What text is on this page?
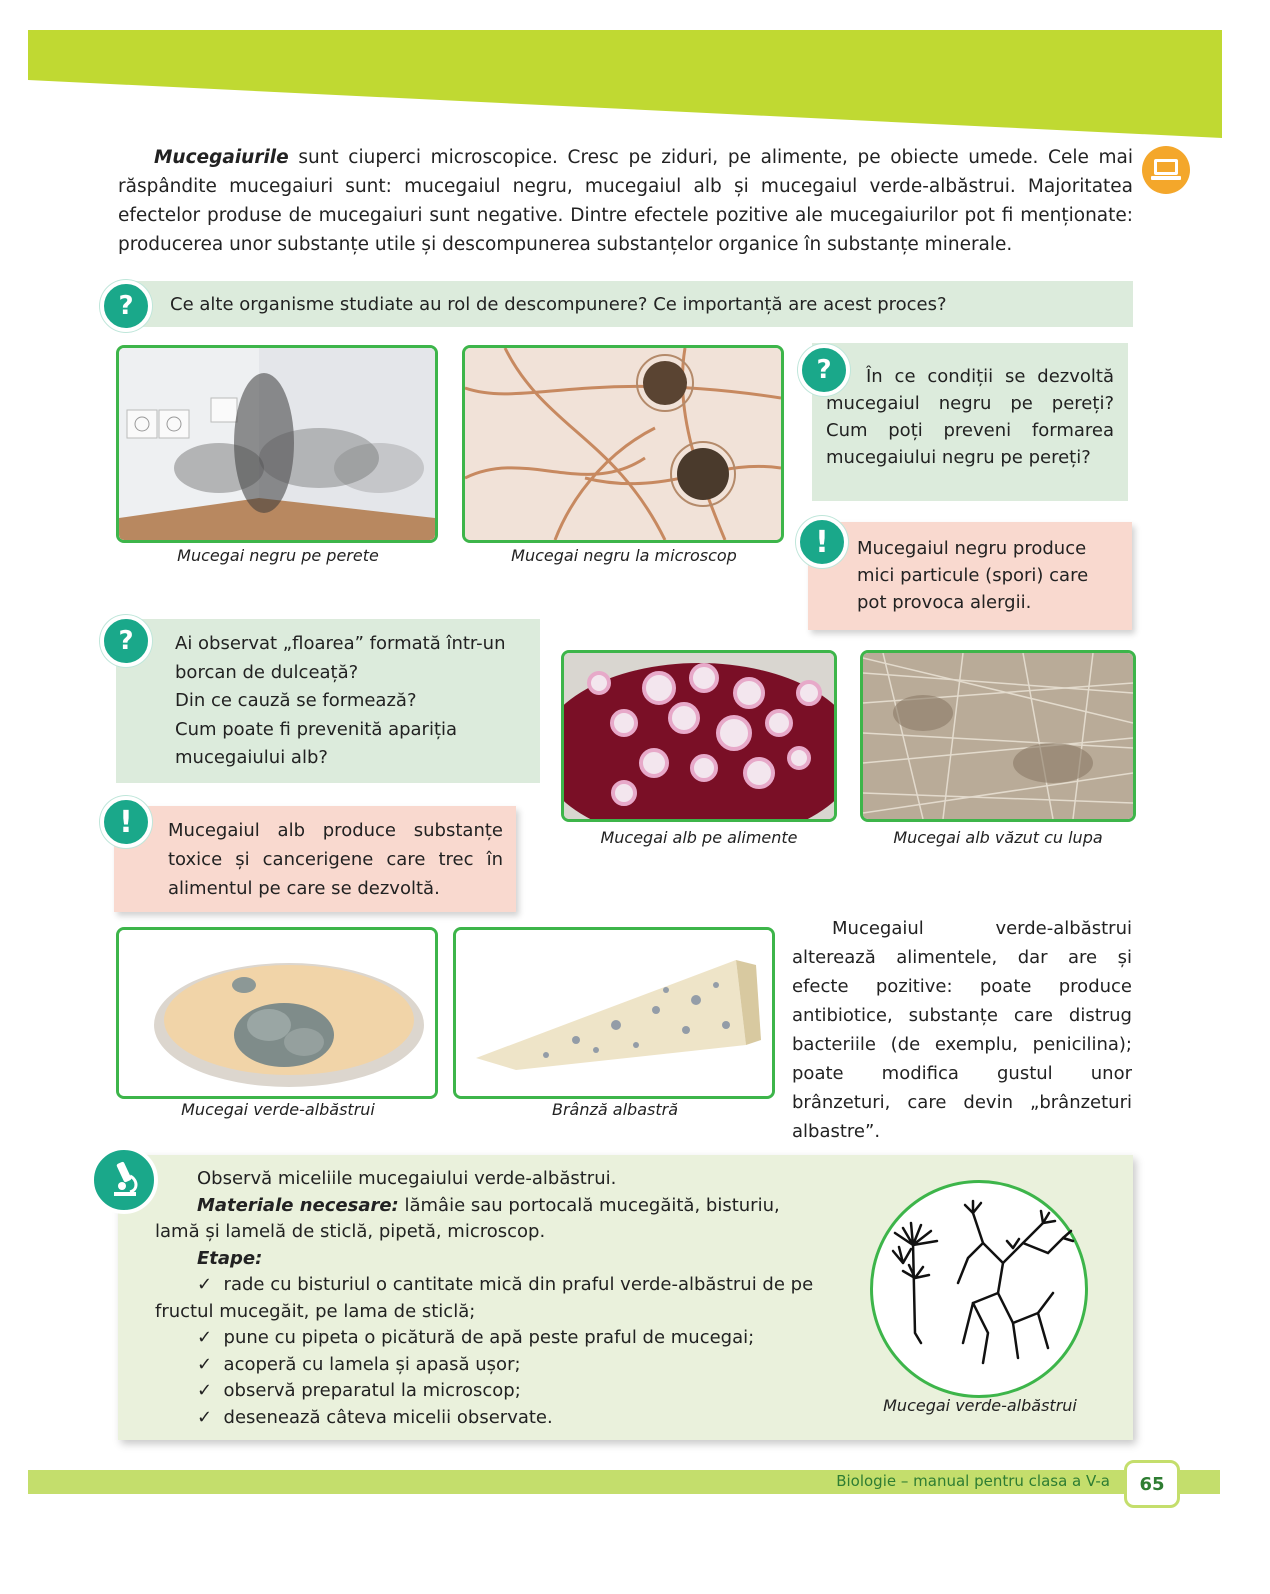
Mucegaiurile sunt ciuperci microscopice. Cresc pe ziduri, pe alimente, pe obiecte umede. Cele mai răspândite mucegaiuri sunt: mucegaiul negru, mucegaiul alb și mucegaiul verde-albăstrui. Majoritatea efectelor produse de mucegaiuri sunt negative. Dintre efectele pozitive ale mucegaiurilor pot fi menționate: producerea unor substanțe utile și descompunerea substanțelor organice în substanțe minerale.
? Ce alte organisme studiate au rol de descompunere? Ce importanță are acest proces?
Mucegai negru pe perete	Mucegai negru la microscop
?	În ce condiții se dezvoltă mucegaiul negru pe pereți? Cum poți preveni formarea mucegaiului negru pe pereți?
! Mucegaiul negru produce mici particule (spori) care pot provoca alergii.
? Ai observat „floarea” formată într-un borcan de dulceață?
Din ce cauză se formează?
Cum poate fi prevenită apariția mucegaiului alb?
! Mucegaiul alb produce substanțe toxice și cancerigene care trec în alimentul pe care se dezvoltă.
Mucegai alb pe alimente	Mucegai alb văzut cu lupa
Mucegai verde-albăstrui	Brânză albastră
Mucegaiul verde-albăstrui alterează alimentele, dar are și efecte pozitive: poate produce antibiotice, substanțe care distrug bacteriile (de exemplu, penicilina); poate modifica gustul unor brânzeturi, care devin „brânzeturi albastre”.
Observă miceliile mucegaiului verde-albăstrui.
Materiale necesare: lămâie sau portocală mucegăită, bisturiu, lamă și lamelă de sticlă, pipetă, microscop.
Etape:
✓ rade cu bisturiul o cantitate mică din praful verde-albăstrui de pe fructul mucegăit, pe lama de sticlă;
✓ pune cu pipeta o picătură de apă peste praful de mucegai;
✓ acoperă cu lamela și apasă ușor;
✓ observă preparatul la microscop;
✓ desenează câteva micelii observate.
Mucegai verde-albăstrui
Biologie – manual pentru clasa a V-a	65
